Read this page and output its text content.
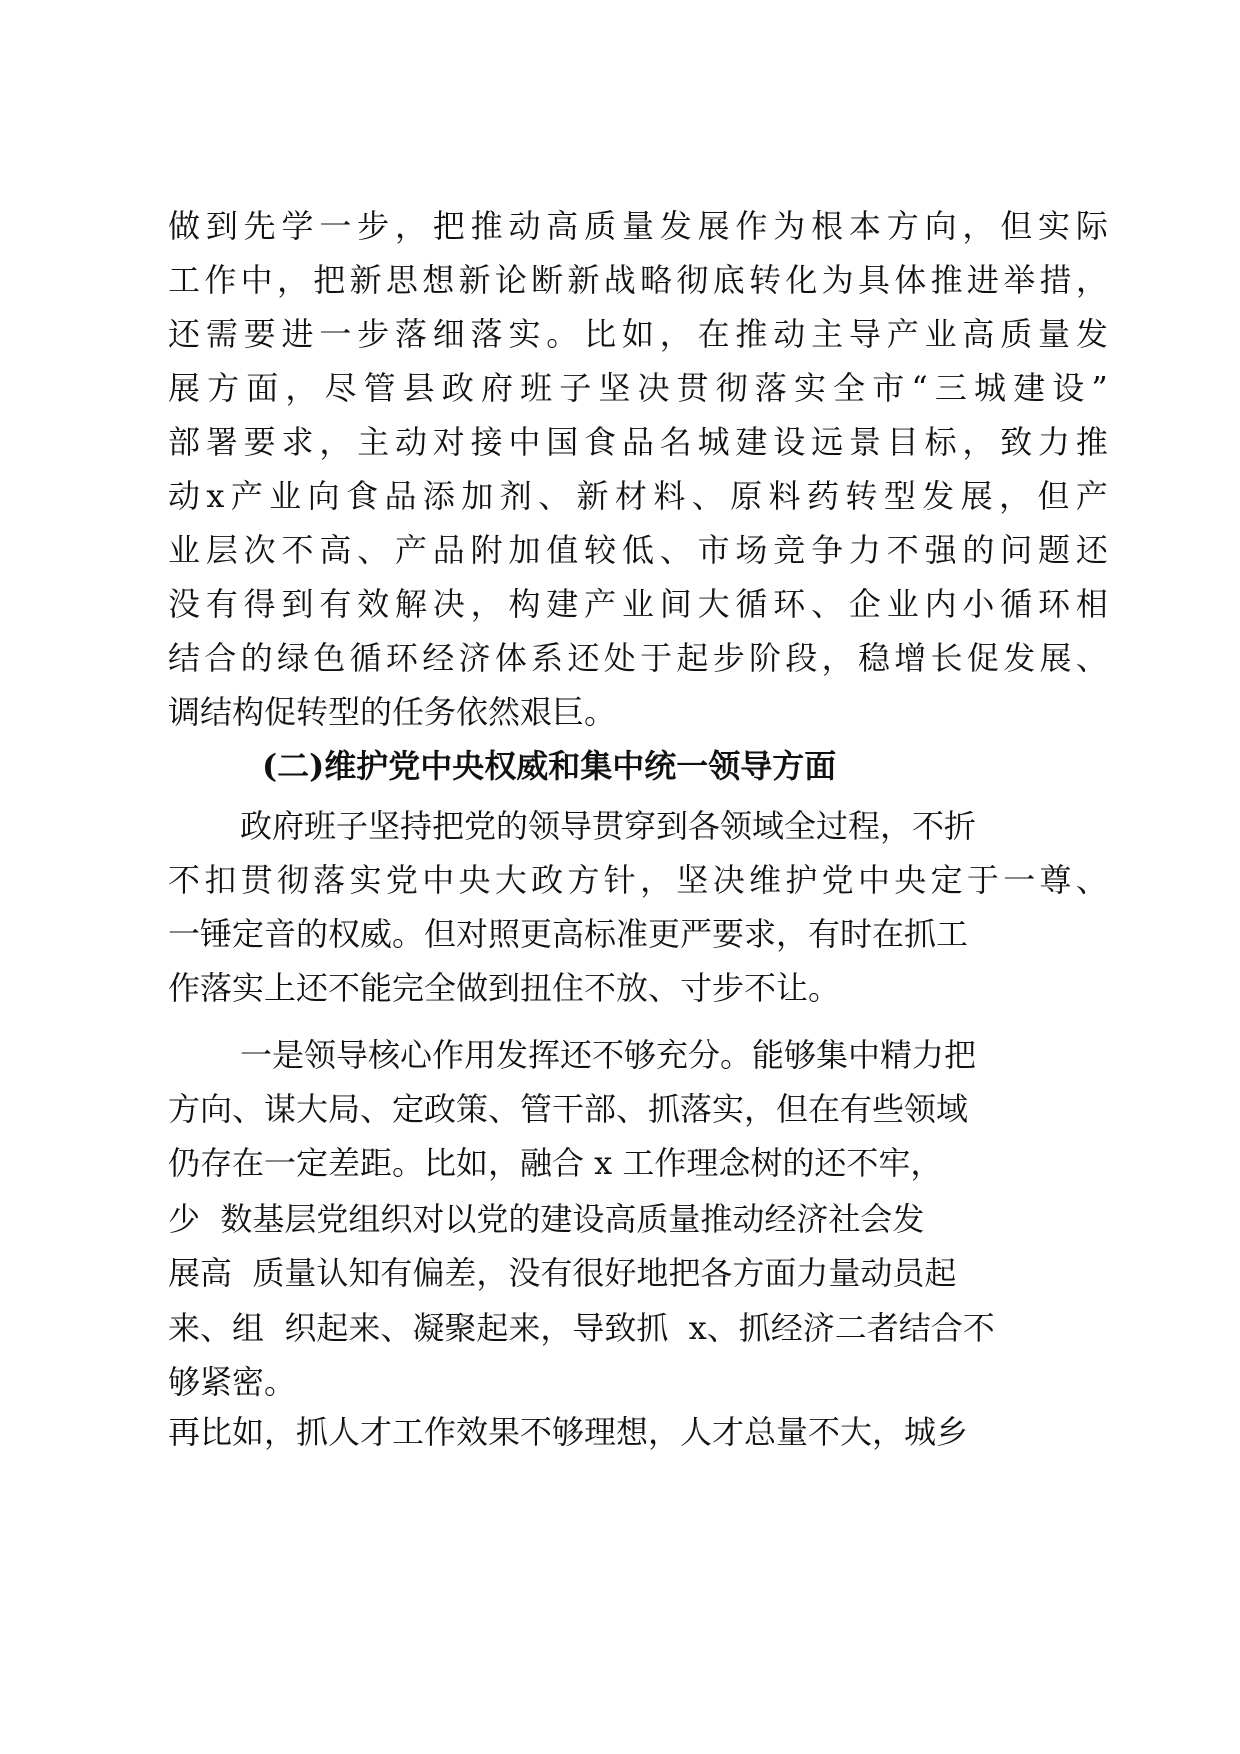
做 到 先 学 一 步 ， 把 推 动 高 质 量 发 展 作 为 根 本 方 向 ， 但 实 际
工 作 中 ， 把 新 思 想 新 论 断 新 战 略 彻 底 转 化 为 具 体 推 进 举 措 ，
还 需 要 进 一 步 落 细 落 实 。 比 如 ， 在 推 动 主 导 产 业 高 质 量 发
展 方 面 ， 尽 管 县 政 府 班 子 坚 决 贯 彻 落 实 全 市 “ 三 城 建 设 ”
部 署 要 求 ， 主 动 对 接 中 国 食 品 名 城 建 设 远 景 目 标 ， 致 力 推
动 x 产 业 向 食 品 添 加 剂 、 新 材 料 、 原 料 药 转 型 发 展 ， 但 产
业 层 次 不 高 、 产 品 附 加 值 较 低 、 市 场 竞 争 力 不 强 的 问 题 还
没 有 得 到 有 效 解 决 ， 构 建 产 业 间 大 循 环 、 企 业 内 小 循 环 相
结 合 的 绿 色 循 环 经 济 体 系 还 处 于 起 步 阶 段 ， 稳 增 长 促 发 展 、
调结构促转型的任务依然艰巨。
(二)维护党中央权威和集中统一领导方面
政府班子坚持把党的领导贯穿到各领域全过程，不折
不 扣 贯 彻 落 实 党 中 央 大 政 方 针 ， 坚 决 维 护 党 中 央 定 于 一 尊 、
一锤定音的权威。但对照更高标准更严要求，有时在抓工
作落实上还不能完全做到扭住不放、寸步不让。
一是领导核心作用发挥还不够充分。能够集中精力把
方向、谋大局、定政策、管干部、抓落实，但在有些领域
仍存在一定差距。比如，融合 x 工作理念树的还不牢，
少  数基层党组织对以党的建设高质量推动经济社会发
展高  质量认知有偏差，没有很好地把各方面力量动员起
来、组  织起来、凝聚起来，导致抓  x、抓经济二者结合不
够紧密。
再比如，抓人才工作效果不够理想，人才总量不大，城乡
